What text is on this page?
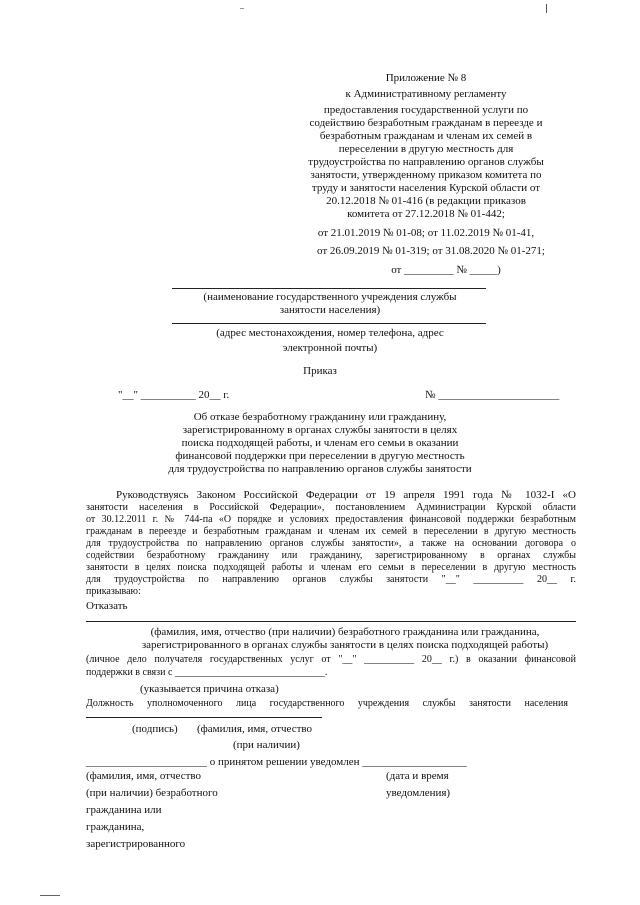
Приложение № 8
к Административному регламенту
предоставления государственной услуги по
содействию безработным гражданам в переезде и
безработным гражданам и членам их семей в
переселении в другую местность для
трудоустройства по направлению органов службы
занятости, утвержденному приказом комитета по
труду и занятости населения Курской области от
20.12.2018 № 01-416 (в редакции приказов
комитета от 27.12.2018 № 01-442;
от 21.01.2019 № 01-08; от 11.02.2019 № 01-41,
от 26.09.2019 № 01-319; от 31.08.2020 № 01-271;
от _________ № _____)
(наименование государственного учреждения службы
занятости населения)
(адрес местонахождения, номер телефона, адрес
электронной почты)
Приказ
"__" __________ 20__ г.	№ ______________________
Об отказе безработному гражданину или гражданину,
зарегистрированному в органах службы занятости в целях
поиска подходящей работы, и членам его семьи в оказании
финансовой поддержки при переселении в другую местность
для трудоустройства по направлению органов службы занятости
Руководствуясь Законом Российской Федерации от 19 апреля 1991 года № 1032-I «О
занятости населения в Российской Федерации», постановлением Администрации Курской области
от 30.12.2011 г. № 744-па «О порядке и условиях предоставления финансовой поддержки безработным
гражданам в переезде и безработным гражданам и членам их семей в переселении в другую местность
для трудоустройства по направлению органов службы занятости», а также на основании договора о
содействии безработному гражданину или гражданину, зарегистрированному в органах службы
занятости в целях поиска подходящей работы и членам его семьи в переселении в другую местность
для трудоустройства по направлению органов службы занятости "__" __________ 20__ г.
приказываю:
Отказать
(фамилия, имя, отчество (при наличии) безработного гражданина или гражданина,
зарегистрированного в органах службы занятости в целях поиска подходящей работы)
(личное дело получателя государственных услуг от "__" __________ 20__ г.) в оказании финансовой
поддержки в связи с ______________________________.
(указывается причина отказа)
Должность уполномоченного лица государственного учреждения службы занятости населения
(подпись) (фамилия, имя, отчество
(при наличии)
______________________ о принятом решении уведомлен ___________________
(фамилия, имя, отчество
(при наличии) безработного
гражданина или
гражданина,
зарегистрированного
(дата и время
уведомления)
